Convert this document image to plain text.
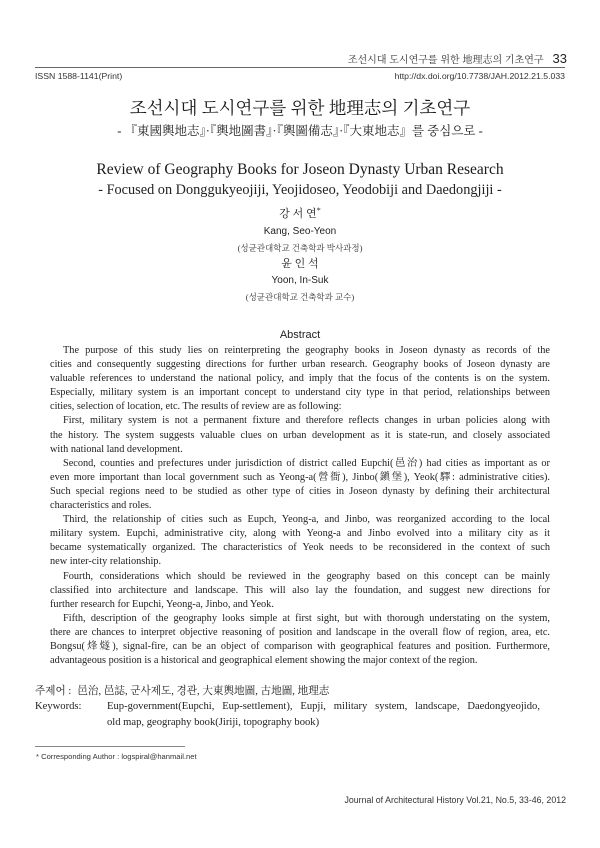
조선시대 도시연구를 위한 地理志의 기초연구 33
ISSN 1588-1141(Print)	http://dx.doi.org/10.7738/JAH.2012.21.5.033
조선시대 도시연구를 위한 地理志의 기초연구
- 『東國輿地志』·『輿地圖書』·『輿圖備志』·『大東地志』를 중심으로 -
Review of Geography Books for Joseon Dynasty Urban Research
- Focused on Donggukyeojiji, Yeojidoseo, Yeodobiji and Daedongjiji -
강 서 연*
Kang, Seo-Yeon
(성균관대학교 건축학과 박사과정)
윤 인 석
Yoon, In-Suk
(성균관대학교 건축학과 교수)
Abstract
The purpose of this study lies on reinterpreting the geography books in Joseon dynasty as records of the
cities and consequently suggesting directions for further urban research. Geography books of Joseon dynasty are
valuable references to understand the national policy, and imply that the focus of the contents is on the system.
Especially, military system is an important concept to understand city type in that period, relationships between
cities, selection of location, etc. The results of review are as following:
First, military system is not a permanent fixture and therefore reflects changes in urban policies along with
the history. The system suggests valuable clues on urban development as it is state-run, and closely associated
with national land development.
Second, counties and prefectures under jurisdiction of district called Eupchi(邑治) had cities as important as or
even more important than local government such as Yeong-a(營衙), Jinbo(鎭堡), Yeok(驛: administrative cities).
Such special regions need to be studied as other type of cities in Joseon dynasty by defining their architectural
characteristics and roles.
Third, the relationship of cities such as Eupch, Yeong-a, and Jinbo, was reorganized according to the local
military system. Eupchi, administrative city, along with Yeong-a and Jinbo evolved into a military city as it
became systematically organized. The characteristics of Yeok needs to be reconsidered in the context of such
new inter-city relationship.
Fourth, considerations which should be reviewed in the geography based on this concept can be mainly
classified into architecture and landscape. This will also lay the foundation, and suggest new directions for
further research for Eupchi, Yeong-a, Jinbo, and Yeok.
Fifth, description of the geography looks simple at first sight, but with thorough understating on the system,
there are chances to interpret objective reasoning of position and landscape in the overall flow of region, area, etc.
Bongsu(烽燧), signal-fire, can be an object of comparison with geographical features and position. Furthermore,
advantageous position is a historical and geographical element showing the major context of the region.
주제어 : 邑治, 邑誌, 군사제도, 경관, 大東輿地圖, 古地圖, 地理志
Keywords: Eup-government(Eupchi, Eup-settlement), Eupji, military system, landscape, Daedongyeojido,
old map, geography book(Jiriji, topography book)
* Corresponding Author : logspiral@hanmail.net
Journal of Architectural History Vol.21, No.5, 33-46, 2012
